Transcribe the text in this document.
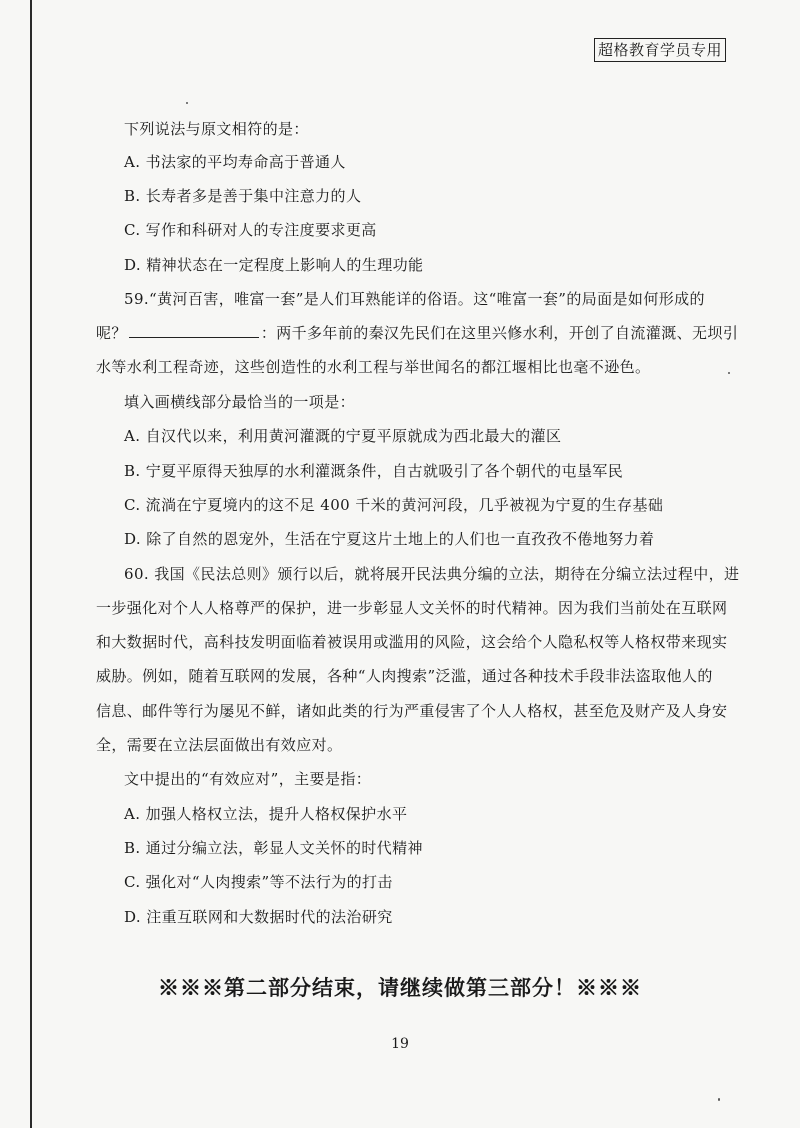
超格教育学员专用
下列说法与原文相符的是：
A. 书法家的平均寿命高于普通人
B. 长寿者多是善于集中注意力的人
C. 写作和科研对人的专注度要求更高
D. 精神状态在一定程度上影响人的生理功能
59.“黄河百害，唯富一套”是人们耳熟能详的俗语。这“唯富一套”的局面是如何形成的
呢？	：两千多年前的秦汉先民们在这里兴修水利，开创了自流灌溉、无坝引
水等水利工程奇迹，这些创造性的水利工程与举世闻名的都江堰相比也毫不逊色。
填入画横线部分最恰当的一项是：
A. 自汉代以来，利用黄河灌溉的宁夏平原就成为西北最大的灌区
B. 宁夏平原得天独厚的水利灌溉条件，自古就吸引了各个朝代的屯垦军民
C. 流淌在宁夏境内的这不足 400 千米的黄河河段，几乎被视为宁夏的生存基础
D. 除了自然的恩宠外，生活在宁夏这片土地上的人们也一直孜孜不倦地努力着
60. 我国《民法总则》颁行以后，就将展开民法典分编的立法，期待在分编立法过程中，进
一步强化对个人人格尊严的保护，进一步彰显人文关怀的时代精神。因为我们当前处在互联网
和大数据时代，高科技发明面临着被误用或滥用的风险，这会给个人隐私权等人格权带来现实
威胁。例如，随着互联网的发展，各种“人肉搜索”泛滥，通过各种技术手段非法盗取他人的
信息、邮件等行为屡见不鲜，诸如此类的行为严重侵害了个人人格权，甚至危及财产及人身安
全，需要在立法层面做出有效应对。
文中提出的“有效应对”，主要是指：
A. 加强人格权立法，提升人格权保护水平
B. 通过分编立法，彰显人文关怀的时代精神
C. 强化对“人肉搜索”等不法行为的打击
D. 注重互联网和大数据时代的法治研究
※※※第二部分结束，请继续做第三部分！※※※
19
